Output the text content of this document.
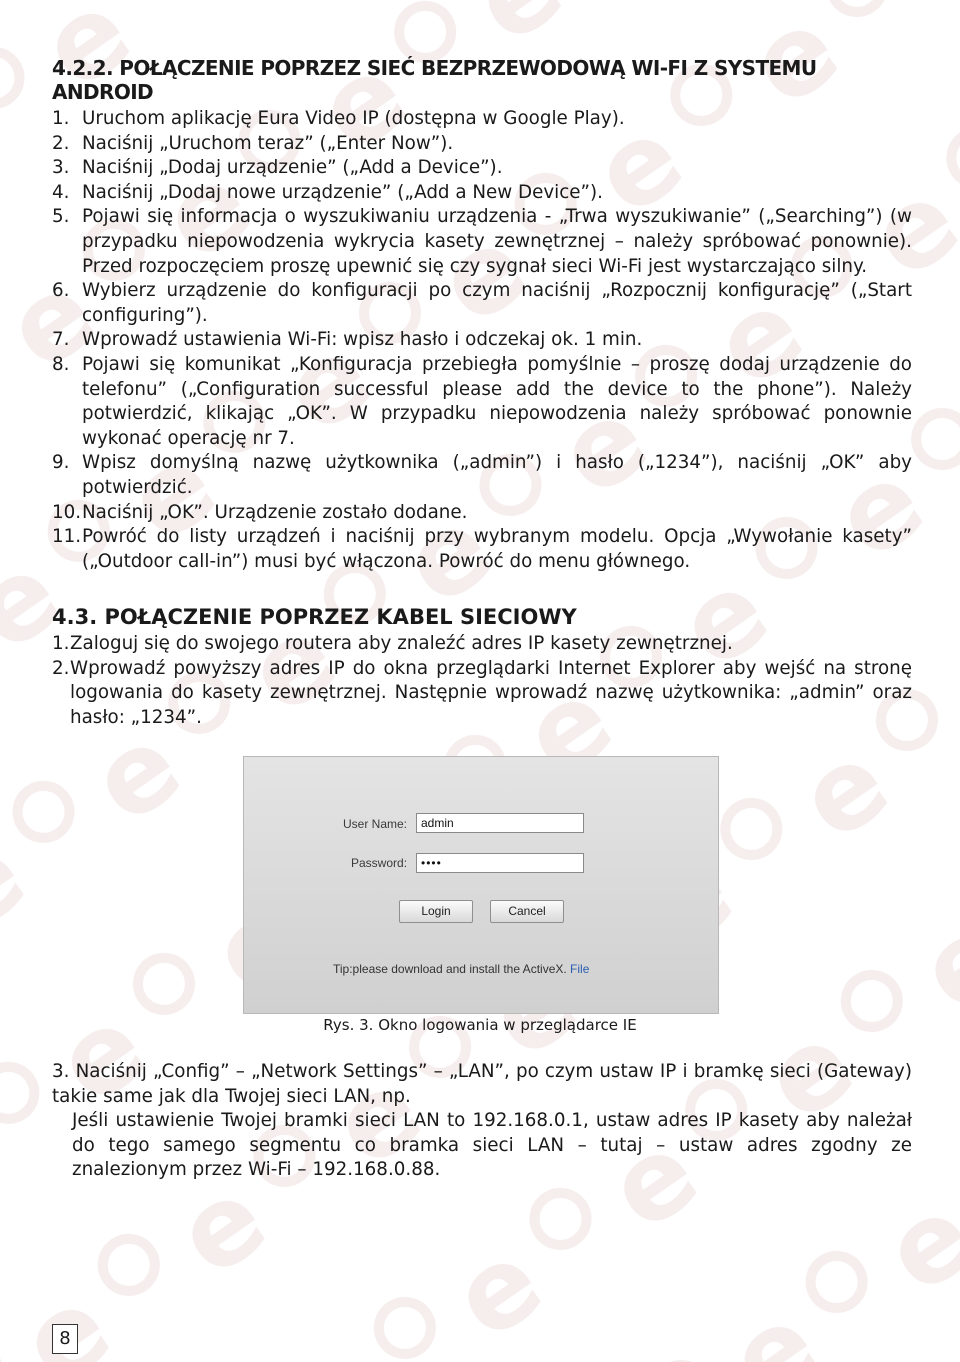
4.2.2. POŁĄCZENIE POPRZEZ SIEĆ BEZPRZEWODOWĄ WI-FI Z SYSTEMU ANDROID
1. Uruchom aplikację Eura Video IP (dostępna w Google Play).
2. Naciśnij „Uruchom teraz” („Enter Now”).
3. Naciśnij „Dodaj urządzenie” („Add a Device”).
4. Naciśnij „Dodaj nowe urządzenie” („Add a New Device”).
5. Pojawi się informacja o wyszukiwaniu urządzenia - „Trwa wyszukiwanie” („Searching”) (w przypadku niepowodzenia wykrycia kasety zewnętrznej – należy spróbować ponownie). Przed rozpoczęciem proszę upewnić się czy sygnał sieci Wi-Fi jest wystarczająco silny.
6. Wybierz urządzenie do konfiguracji po czym naciśnij „Rozpocznij konfigurację” („Start configuring”).
7. Wprowadź ustawienia Wi-Fi: wpisz hasło i odczekaj ok. 1 min.
8. Pojawi się komunikat „Konfiguracja przebiegła pomyślnie – proszę dodaj urządzenie do telefonu” („Configuration successful please add the device to the phone”). Należy potwierdzić, klikając „OK”. W przypadku niepowodzenia należy spróbować ponownie wykonać operację nr 7.
9. Wpisz domyślną nazwę użytkownika („admin”) i hasło („1234”), naciśnij „OK” aby potwierdzić.
10. Naciśnij „OK”. Urządzenie zostało dodane.
11. Powróć do listy urządzeń i naciśnij przy wybranym modelu. Opcja „Wywołanie kasety” („Outdoor call-in”) musi być włączona. Powróć do menu głównego.
4.3. POŁĄCZENIE POPRZEZ KABEL SIECIOWY
1. Zaloguj się do swojego routera aby znaleźć adres IP kasety zewnętrznej.
2. Wprowadź powyższy adres IP do okna przeglądarki Internet Explorer aby wejść na stronę logowania do kasety zewnętrznej. Następnie wprowadź nazwę użytkownika: „admin” oraz hasło: „1234”.
User Name:	admin
Password:	••••
Login	Cancel
Tip:please download and install the ActiveX. File
Rys. 3. Okno logowania w przeglądarce IE
3. Naciśnij „Config” – „Network Settings” – „LAN”, po czym ustaw IP i bramkę sieci (Gateway) takie same jak dla Twojej sieci LAN, np.
Jeśli ustawienie Twojej bramki sieci LAN to 192.168.0.1, ustaw adres IP kasety aby należał do tego samego segmentu co bramka sieci LAN – tutaj – ustaw adres zgodny ze znalezionym przez Wi-Fi – 192.168.0.88.
8
